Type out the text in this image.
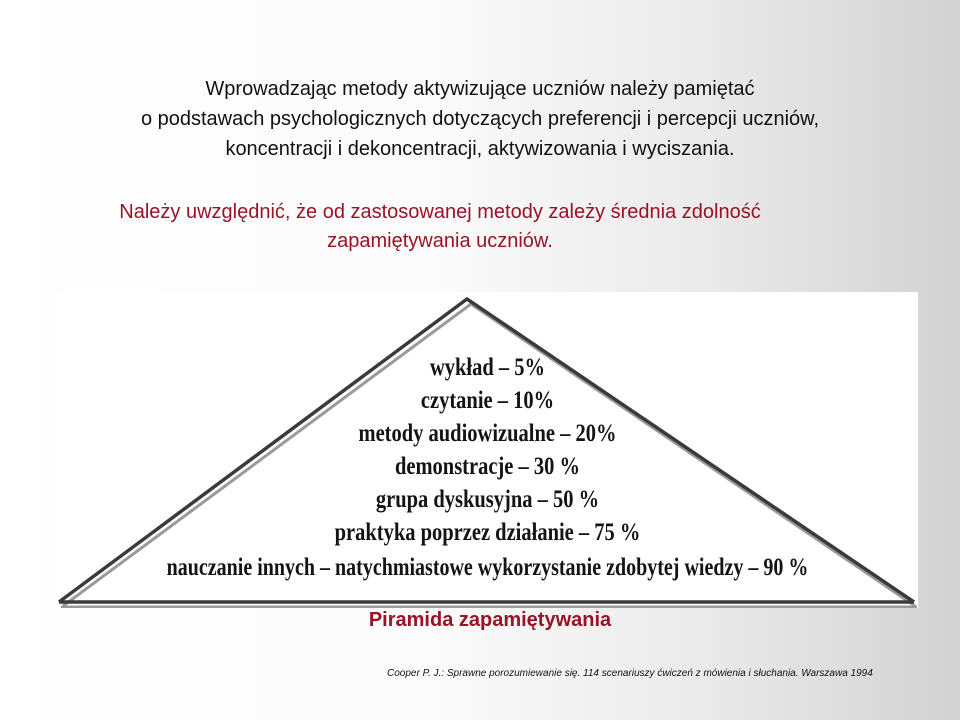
Wprowadzając metody aktywizujące uczniów należy pamiętać
o podstawach psychologicznych dotyczących preferencji i percepcji uczniów,
koncentracji i dekoncentracji, aktywizowania i wyciszania.
Należy uwzględnić, że od zastosowanej metody zależy średnia zdolność
zapamiętywania uczniów.
wykład – 5%
czytanie – 10%
metody audiowizualne – 20%
demonstracje – 30 %
grupa dyskusyjna – 50 %
praktyka poprzez działanie – 75 %
nauczanie innych – natychmiastowe wykorzystanie zdobytej wiedzy – 90 %
Piramida zapamiętywania
Cooper P. J.: Sprawne porozumiewanie się. 114 scenariuszy ćwiczeń z mówienia i słuchania. Warszawa 1994
